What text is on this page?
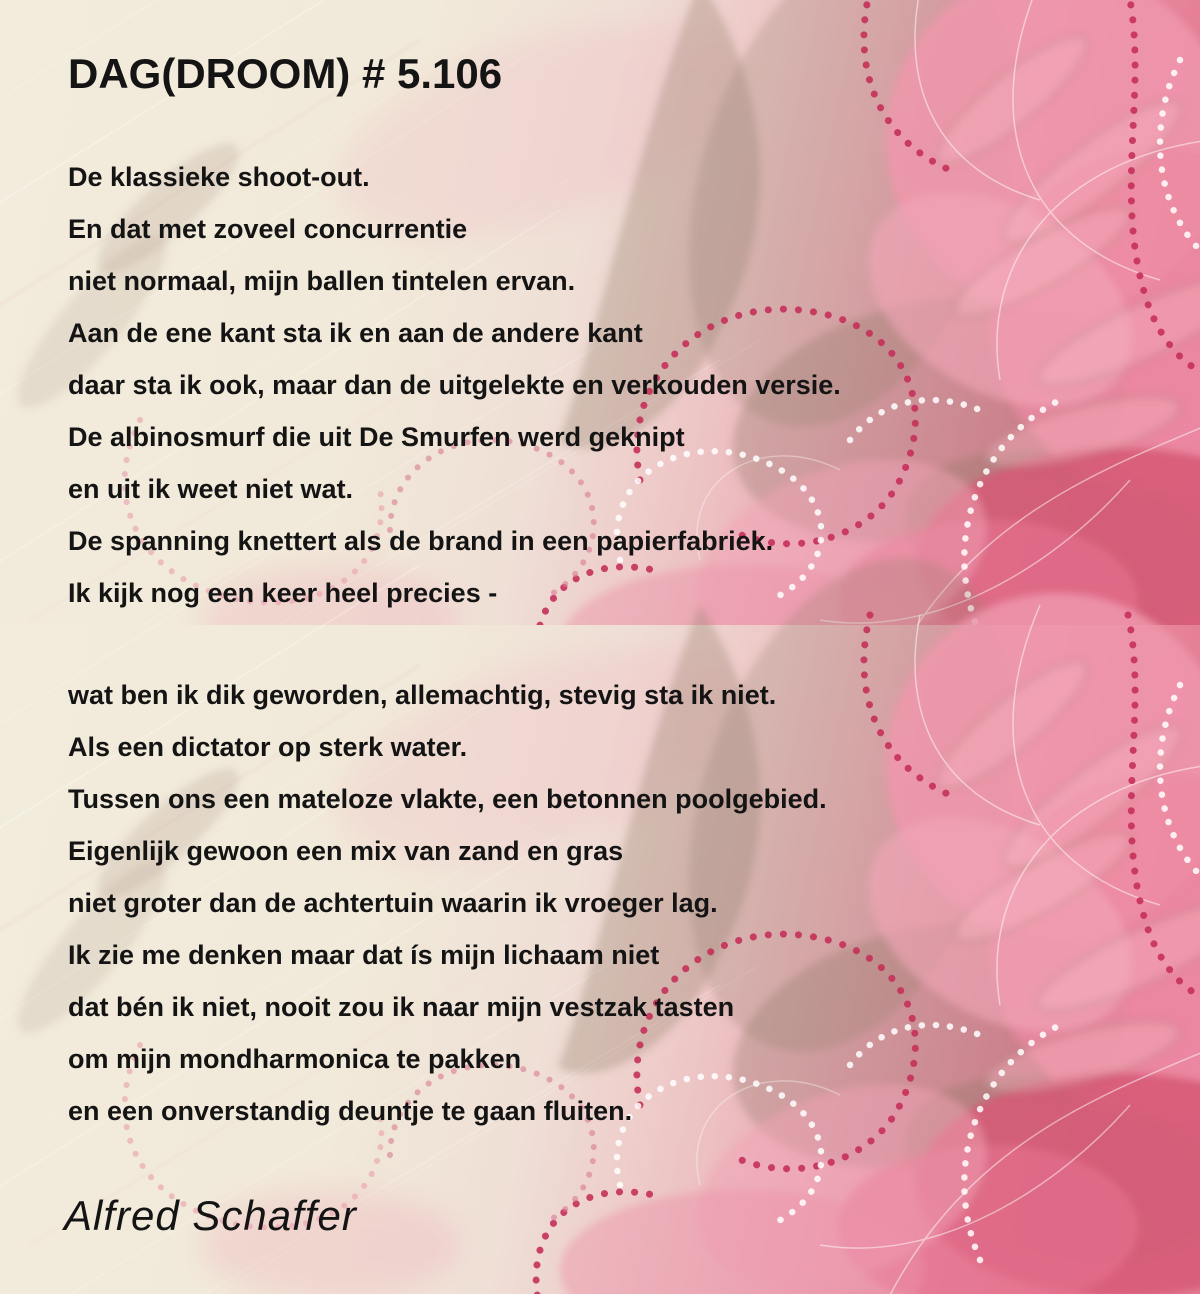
DAG(DROOM) # 5.106
De klassieke shoot-out.
En dat met zoveel concurrentie
niet normaal, mijn ballen tintelen ervan.
Aan de ene kant sta ik en aan de andere kant
daar sta ik ook, maar dan de uitgelekte en verkouden versie.
De albinosmurf die uit De Smurfen werd geknipt
en uit ik weet niet wat.
De spanning knettert als de brand in een papierfabriek.
Ik kijk nog een keer heel precies -
wat ben ik dik geworden, allemachtig, stevig sta ik niet.
Als een dictator op sterk water.
Tussen ons een mateloze vlakte, een betonnen poolgebied.
Eigenlijk gewoon een mix van zand en gras
niet groter dan de achtertuin waarin ik vroeger lag.
Ik zie me denken maar dat ís mijn lichaam niet
dat bén ik niet, nooit zou ik naar mijn vestzak tasten
om mijn mondharmonica te pakken
en een onverstandig deuntje te gaan fluiten.
Alfred Schaffer
